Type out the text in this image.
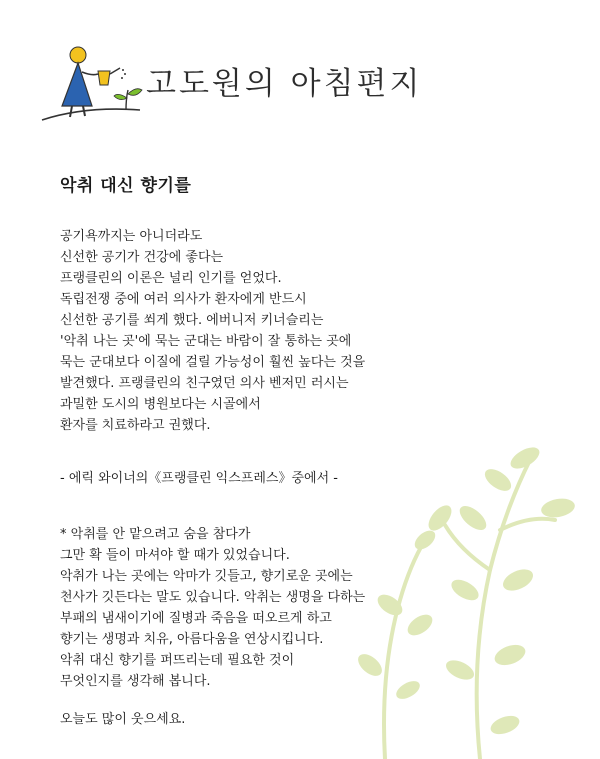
고도원의 아침편지
악취 대신 향기를

공기욕까지는 아니더라도

신선한 공기가 건강에 좋다는

프랭클린의 이론은 널리 인기를 얻었다.

독립전쟁 중에 여러 의사가 환자에게 반드시

신선한 공기를 쐬게 했다. 에버니저 키너슬리는

'악취 나는 곳'에 묵는 군대는 바람이 잘 통하는 곳에

묵는 군대보다 이질에 걸릴 가능성이 훨씬 높다는 것을

발견했다. 프랭클린의 친구였던 의사 벤저민 러시는

과밀한 도시의 병원보다는 시골에서

환자를 치료하라고 권했다.

- 에릭 와이너의《프랭클린 익스프레스》중에서 -

* 악취를 안 맡으려고 숨을 참다가

그만 확 들이 마셔야 할 때가 있었습니다.

악취가 나는 곳에는 악마가 깃들고, 향기로운 곳에는

천사가 깃든다는 말도 있습니다. 악취는 생명을 다하는

부패의 냄새이기에 질병과 죽음을 떠오르게 하고

향기는 생명과 치유, 아름다움을 연상시킵니다.

악취 대신 향기를 퍼뜨리는데 필요한 것이

무엇인지를 생각해 봅니다.

오늘도 많이 웃으세요.
